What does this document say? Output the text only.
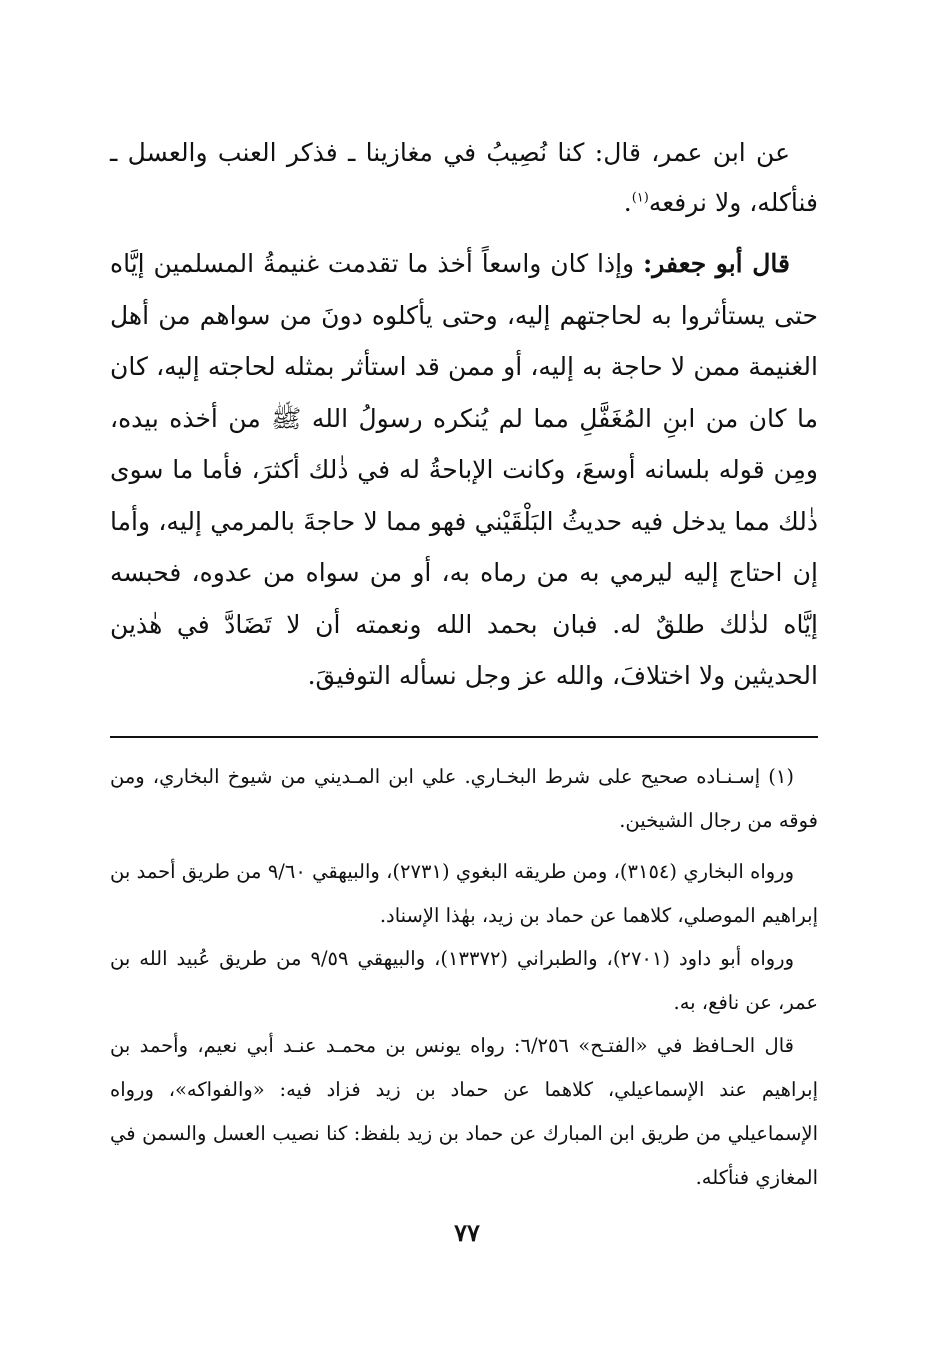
عن ابن عمر، قال: كنا نُصِيبُ في مغازينا ـ فذكر العنب والعسل ـ فنأكله، ولا نرفعه$^{(١)}$.

قال أبو جعفر: وإذا كان واسعاً أخذ ما تقدمت غنيمةُ المسلمين إيَّاه حتى يستأثروا به لحاجتهم إليه، وحتى يأكلوه دونَ من سواهم من أهل الغنيمة ممن لا حاجة به إليه، أو ممن قد استأثر بمثله لحاجته إليه، كان ما كان من ابنِ المُغَفَّلِ مما لم يُنكره رسولُ الله ﷺ من أخذه بيده، ومِن قوله بلسانه أوسعَ، وكانت الإباحةُ له في ذٰلك أكثرَ، فأما ما سوى ذٰلك مما يدخل فيه حديثُ البَلْقَيْني فهو مما لا حاجةَ بالمرمي إليه، وأما إن احتاج إليه ليرمي به من رماه به، أو من سواه من عدوه، فحبسه إيَّاه لذٰلك طلقٌ له. فبان بحمد الله ونعمته أن لا تَضَادَّ في هٰذين الحديثين ولا اختلافَ، والله عز وجل نسأله التوفيقَ.

(١) إسـنـاده صحيح على شرط البخـاري. علي ابن المـديني من شيوخ البخاري، ومن فوقه من رجال الشيخين.

ورواه البخاري (٣١٥٤)، ومن طريقه البغوي (٢٧٣١)، والبيهقي ٩/٦٠ من طريق أحمد بن إبراهيم الموصلي، كلاهما عن حماد بن زيد، بهٰذا الإسناد.

ورواه أبو داود (٢٧٠١)، والطبراني (١٣٣٧٢)، والبيهقي ٩/٥٩ من طريق عُبيد الله بن عمر، عن نافع، به.

قال الحـافظ في «الفتـح» ٦/٢٥٦: رواه يونس بن محمـد عنـد أبي نعيم، وأحمد بن إبراهيم عند الإسماعيلي، كلاهما عن حماد بن زيد فزاد فيه: «والفواكه»، ورواه الإسماعيلي من طريق ابن المبارك عن حماد بن زيد بلفظ: كنا نصيب العسل والسمن في المغازي فنأكله.

٧٧
